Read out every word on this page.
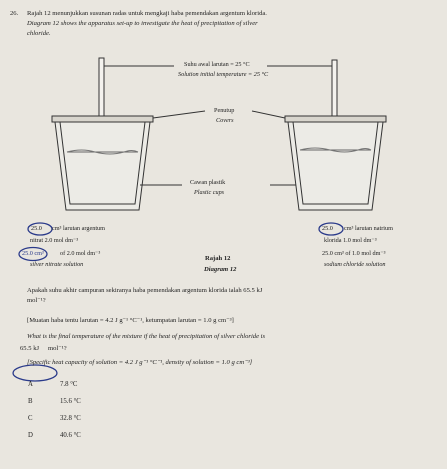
26. Rajah 12 menunjukkan susunan radas untuk mengkaji haba pemendakan argentum klorida.
Diagram 12 shows the apparatus set-up to investigate the heat of precipitation of silver
chloride.
Suhu awal larutan = 25 °C
Solution initial temperature = 25 °C
Penutup
Covers
Cawan plastik
Plastic cups
25.0 cm³ larutan argentum
nitrat 2.0 mol dm⁻³
25.0 cm³	of 2.0 mol dm⁻³
silver nitrate solution
25.0 cm³ larutan natrium
klorida 1.0 mol dm⁻³
25.0 cm³ of 1.0 mol dm⁻³
sodium chloride solution
Rajah 12
Diagram 12
Apakah suhu akhir campuran sekiranya haba pemendakan argentum klorida ialah 65.5 kJ
mol⁻¹?
[Muatan haba tentu larutan = 4.2 J g⁻¹ °C⁻¹, ketumpatan larutan = 1.0 g cm⁻³]
What is the final temperature of the mixture if the heat of precipitation of silver chloride is
65.5 kJ mol⁻¹?
[Specific heat capacity of solution = 4.2 J g⁻¹ °C⁻¹, density of solution = 1.0 g cm⁻³]
A	7.8 °C
B	15.6 °C
C	32.8 °C
D	40.6 °C
